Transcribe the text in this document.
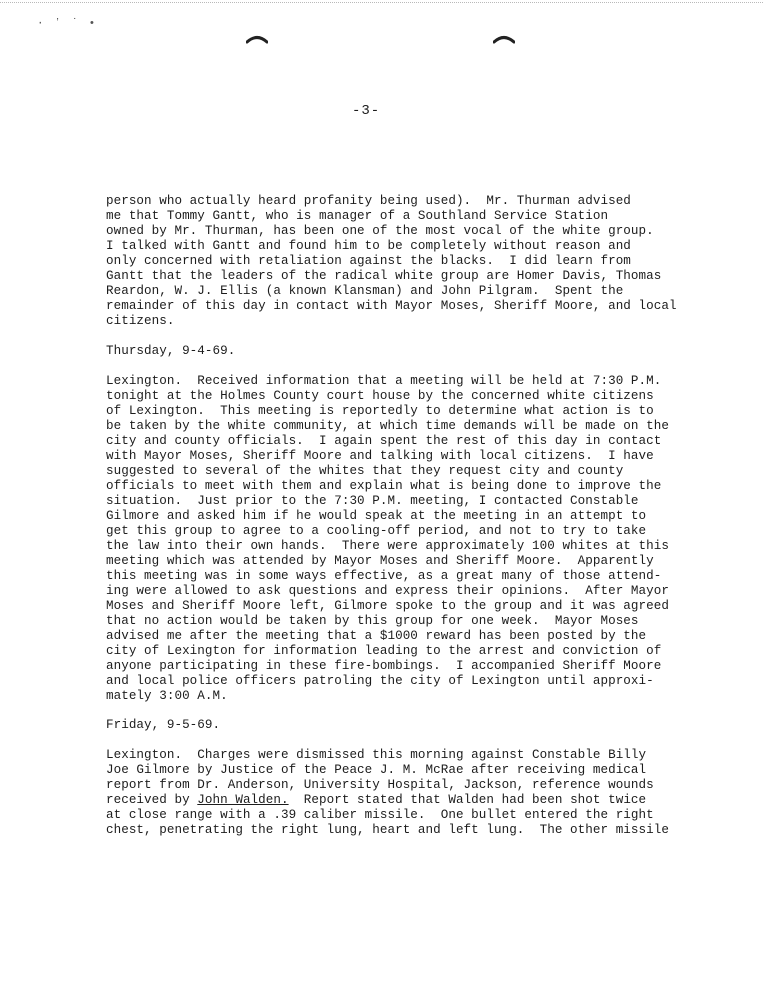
· ʼ ˙ •
-3-
person who actually heard profanity being used).  Mr. Thurman advised
me that Tommy Gantt, who is manager of a Southland Service Station
owned by Mr. Thurman, has been one of the most vocal of the white group.
I talked with Gantt and found him to be completely without reason and
only concerned with retaliation against the blacks.  I did learn from
Gantt that the leaders of the radical white group are Homer Davis, Thomas
Reardon, W. J. Ellis (a known Klansman) and John Pilgram.  Spent the
remainder of this day in contact with Mayor Moses, Sheriff Moore, and local
citizens.
Thursday, 9-4-69.
Lexington.  Received information that a meeting will be held at 7:30 P.M.
tonight at the Holmes County court house by the concerned white citizens
of Lexington.  This meeting is reportedly to determine what action is to
be taken by the white community, at which time demands will be made on the
city and county officials.  I again spent the rest of this day in contact
with Mayor Moses, Sheriff Moore and talking with local citizens.  I have
suggested to several of the whites that they request city and county
officials to meet with them and explain what is being done to improve the
situation.  Just prior to the 7:30 P.M. meeting, I contacted Constable
Gilmore and asked him if he would speak at the meeting in an attempt to
get this group to agree to a cooling-off period, and not to try to take
the law into their own hands.  There were approximately 100 whites at this
meeting which was attended by Mayor Moses and Sheriff Moore.  Apparently
this meeting was in some ways effective, as a great many of those attend-
ing were allowed to ask questions and express their opinions.  After Mayor
Moses and Sheriff Moore left, Gilmore spoke to the group and it was agreed
that no action would be taken by this group for one week.  Mayor Moses
advised me after the meeting that a $1000 reward has been posted by the
city of Lexington for information leading to the arrest and conviction of
anyone participating in these fire-bombings.  I accompanied Sheriff Moore
and local police officers patroling the city of Lexington until approxi-
mately 3:00 A.M.
Friday, 9-5-69.
Lexington.  Charges were dismissed this morning against Constable Billy
Joe Gilmore by Justice of the Peace J. M. McRae after receiving medical
report from Dr. Anderson, University Hospital, Jackson, reference wounds
received by John Walden.  Report stated that Walden had been shot twice
at close range with a .39 caliber missile.  One bullet entered the right
chest, penetrating the right lung, heart and left lung.  The other missile
